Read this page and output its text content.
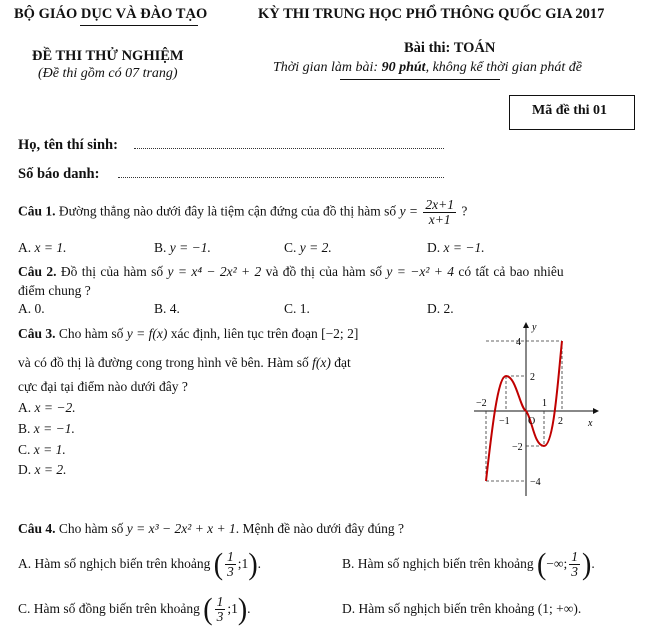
BỘ GIÁO DỤC VÀ ĐÀO TẠO	KỲ THI TRUNG HỌC PHỔ THÔNG QUỐC GIA 2017
ĐỀ THI THỬ NGHIỆM
(Đề thi gồm có 07 trang)
Bài thi: TOÁN
Thời gian làm bài: 90 phút, không kể thời gian phát đề
Mã đề thi 01
Họ, tên thí sinh:
Số báo danh:
Câu 1. Đường thẳng nào dưới đây là tiệm cận đứng của đồ thị hàm số $y = \frac{2x+1}{x+1}$ ?
A. x = 1.	B. y = −1.	C. y = 2.	D. x = −1.
Câu 2. Đồ thị của hàm số y = x⁴ − 2x² + 2 và đồ thị của hàm số y = −x² + 4 có tất cả bao nhiêu
điểm chung ?
A. 0.	B. 4.	C. 1.	D. 2.
Câu 3. Cho hàm số y = f(x) xác định, liên tục trên đoạn [−2; 2]
và có đồ thị là đường cong trong hình vẽ bên. Hàm số f(x) đạt
cực đại tại điểm nào dưới đây ?
A. x = −2.
B. x = −1.
C. x = 1.
D. x = 2.
y
x
O
4
2
−2
−4
−2
−1
1
2
Câu 4. Cho hàm số y = x³ − 2x² + x + 1. Mệnh đề nào dưới đây đúng ?
A. Hàm số nghịch biến trên khoảng ( $\frac{1}{3}$ ;1).	B. Hàm số nghịch biến trên khoảng (−∞; $\frac{1}{3}$ ).
C. Hàm số đồng biến trên khoảng ( $\frac{1}{3}$ ;1).	D. Hàm số nghịch biến trên khoảng (1; +∞).
